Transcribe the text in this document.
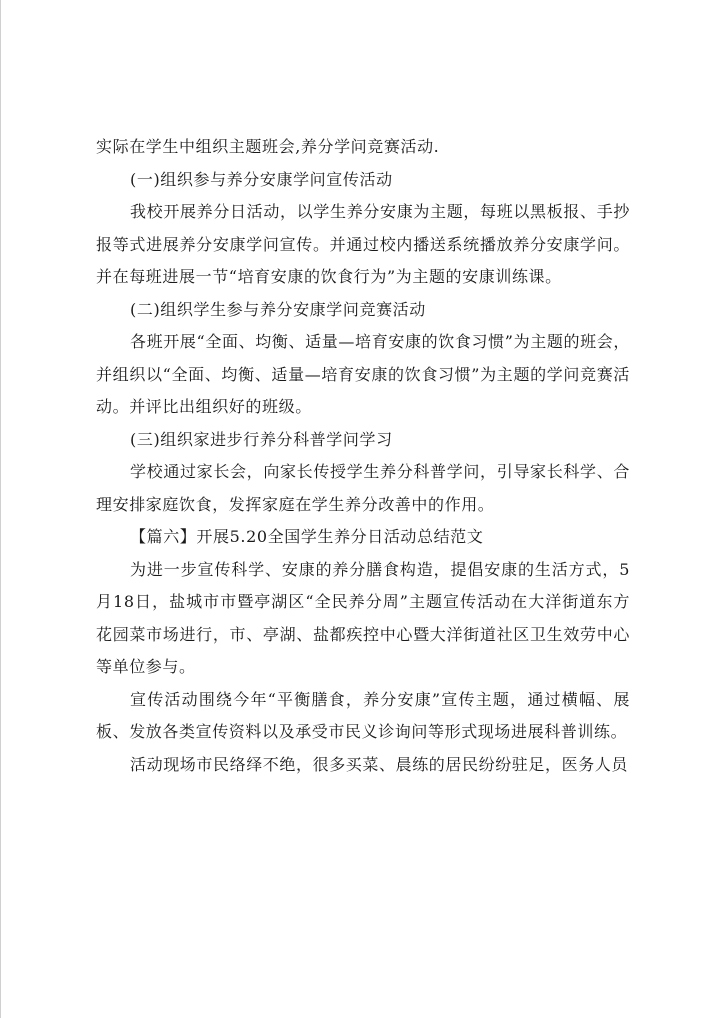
实际在学生中组织主题班会,养分学问竞赛活动.

(一)组织参与养分安康学问宣传活动

我校开展养分日活动，以学生养分安康为主题，每班以黑板报、手抄报等式进展养分安康学问宣传。并通过校内播送系统播放养分安康学问。并在每班进展一节“培育安康的饮食行为”为主题的安康训练课。

(二)组织学生参与养分安康学问竞赛活动

各班开展“全面、均衡、适量—培育安康的饮食习惯”为主题的班会，并组织以“全面、均衡、适量—培育安康的饮食习惯”为主题的学问竞赛活动。并评比出组织好的班级。

(三)组织家进步行养分科普学问学习

学校通过家长会，向家长传授学生养分科普学问，引导家长科学、合理安排家庭饮食，发挥家庭在学生养分改善中的作用。

【篇六】开展5.20全国学生养分日活动总结范文

为进一步宣传科学、安康的养分膳食构造，提倡安康的生活方式，5月18日，盐城市市暨亭湖区“全民养分周”主题宣传活动在大洋街道东方花园菜市场进行，市、亭湖、盐都疾控中心暨大洋街道社区卫生效劳中心等单位参与。

宣传活动围绕今年“平衡膳食，养分安康”宣传主题，通过横幅、展板、发放各类宣传资料以及承受市民义诊询问等形式现场进展科普训练。

活动现场市民络绎不绝，很多买菜、晨练的居民纷纷驻足，医务人员
